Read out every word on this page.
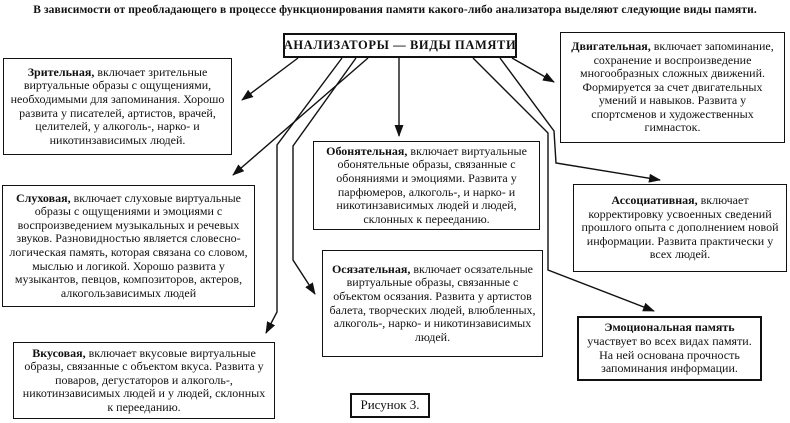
В зависимости от преобладающего в процессе функционирования памяти какого-либо анализатора выделяют следующие виды памяти.
АНАЛИЗАТОРЫ — ВИДЫ ПАМЯТИ
Зрительная, включает зрительные виртуальные образы с ощущениями, необходимыми для запоминания. Хорошо развита у писателей, артистов, врачей, целителей, у алкоголь-, нарко- и никотинзависимых людей.
Слуховая, включает слуховые виртуальные образы с ощущениями и эмоциями с воспроизведением музыкальных и речевых звуков. Разновидностью является словесно-логическая память, которая связана со словом, мыслью и логикой. Хорошо развита у музыкантов, певцов, композиторов, актеров, алкогользависимых людей
Вкусовая, включает вкусовые виртуальные образы, связанные с объектом вкуса. Развита у поваров, дегустаторов и алкоголь-, никотинзависимых людей и у людей, склонных к перееданию.
Обонятельная, включает виртуальные обонятельные образы, связанные с обоняниями и эмоциями. Развита у парфюмеров, алкоголь-, и нарко- и никотинзависимых людей и людей, склонных к перееданию.
Осязательная, включает осязательные виртуальные образы, связанные с объектом осязания. Развита у артистов балета, творческих людей, влюбленных, алкоголь-, нарко- и никотинзависимых людей.
Двигательная, включает запоминание, сохранение и воспроизведение многообразных сложных движений. Формируется за счет двигательных умений и навыков. Развита у спортсменов и художественных гимнасток.
Ассоциативная, включает корректировку усвоенных сведений прошлого опыта с дополнением новой информации. Развита практически у всех людей.
Эмоциональная память
участвует во всех видах памяти. На ней основана прочность запоминания информации.
Рисунок 3.
